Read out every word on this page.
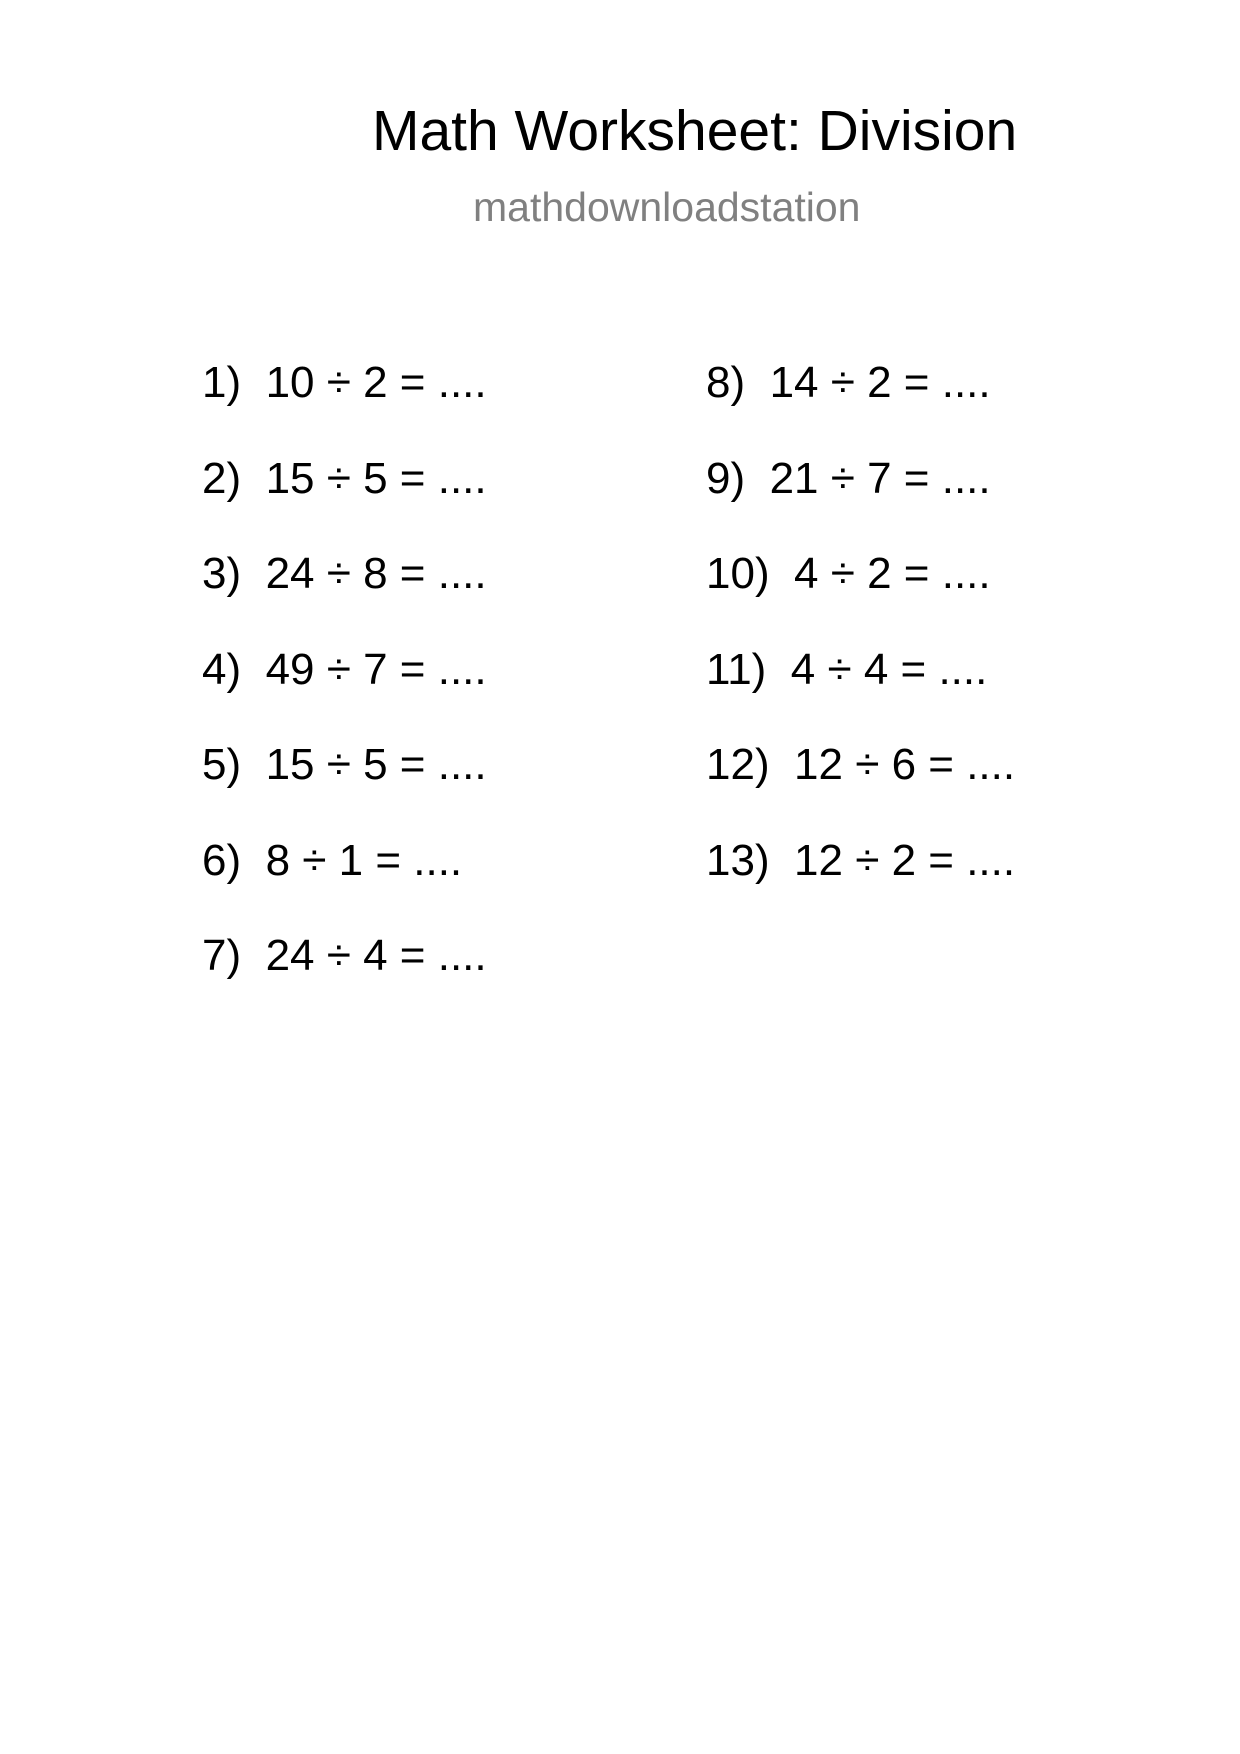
Math Worksheet: Division
mathdownloadstation
1)  10 ÷ 2 = ....
2)  15 ÷ 5 = ....
3)  24 ÷ 8 = ....
4)  49 ÷ 7 = ....
5)  15 ÷ 5 = ....
6)  8 ÷ 1 = ....
7)  24 ÷ 4 = ....
8)  14 ÷ 2 = ....
9)  21 ÷ 7 = ....
10)  4 ÷ 2 = ....
11)  4 ÷ 4 = ....
12)  12 ÷ 6 = ....
13)  12 ÷ 2 = ....
